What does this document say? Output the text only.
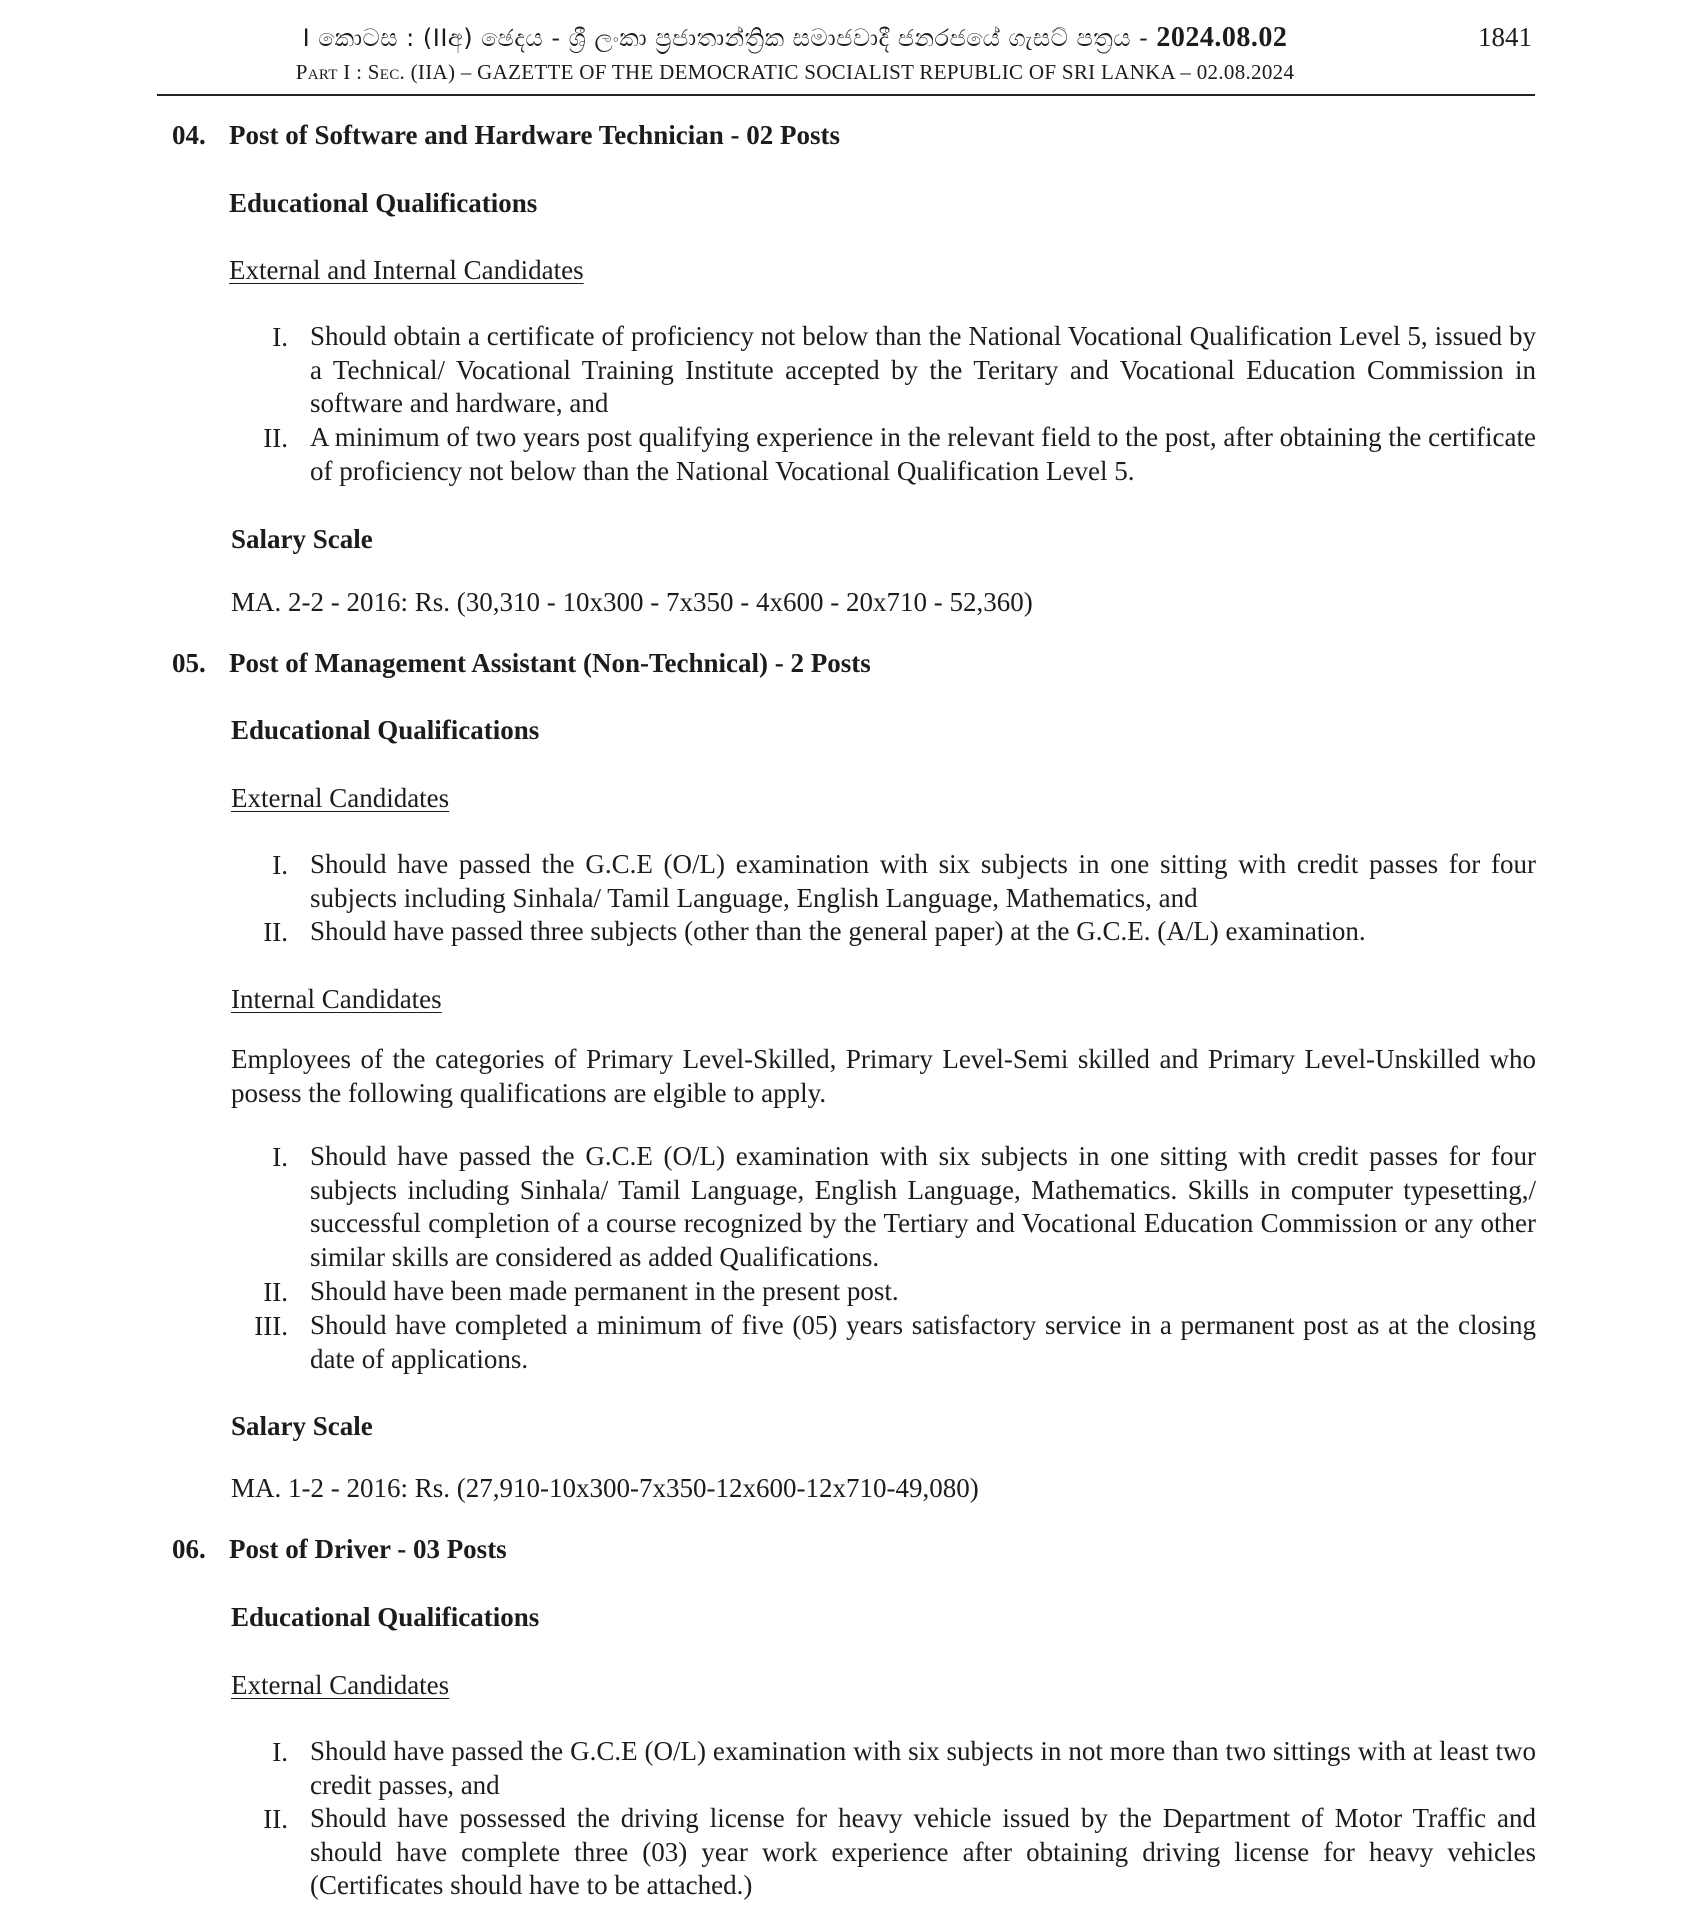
I කොටස : (IIඅ) ඡෙදය - ශ්‍රී ලංකා ප්‍රජාතාන්ත්‍රික සමාජවාදී ජනරජයේ ගැසට් පත්‍රය - 2024.08.02	1841
Part I : Sec. (IIA) – GAZETTE OF THE DEMOCRATIC SOCIALIST REPUBLIC OF SRI LANKA – 02.08.2024
04. Post of Software and Hardware Technician - 02 Posts
Educational Qualifications
External and Internal Candidates
I. Should obtain a certificate of proficiency not below than the National Vocational Qualification Level 5, issued by a Technical/ Vocational Training Institute accepted by the Teritary and Vocational Education Commission in software and hardware, and
II. A minimum of two years post qualifying experience in the relevant field to the post, after obtaining the certificate of proficiency not below than the National Vocational Qualification Level 5.
Salary Scale
MA. 2-2 - 2016: Rs. (30,310 - 10x300 - 7x350 - 4x600 - 20x710 - 52,360)
05. Post of Management Assistant (Non-Technical) - 2 Posts
Educational Qualifications
External Candidates
I. Should have passed the G.C.E (O/L) examination with six subjects in one sitting with credit passes for four subjects including Sinhala/ Tamil Language, English Language, Mathematics, and
II. Should have passed three subjects (other than the general paper) at the G.C.E. (A/L) examination.
Internal Candidates
Employees of the categories of Primary Level-Skilled, Primary Level-Semi skilled and Primary Level-Unskilled who posess the following qualifications are elgible to apply.
I. Should have passed the G.C.E (O/L) examination with six subjects in one sitting with credit passes for four subjects including Sinhala/ Tamil Language, English Language, Mathematics. Skills in computer typesetting,/ successful completion of a course recognized by the Tertiary and Vocational Education Commission or any other similar skills are considered as added Qualifications.
II. Should have been made permanent in the present post.
III. Should have completed a minimum of five (05) years satisfactory service in a permanent post as at the closing date of applications.
Salary Scale
MA. 1-2 - 2016: Rs. (27,910-10x300-7x350-12x600-12x710-49,080)
06. Post of Driver - 03 Posts
Educational Qualifications
External Candidates
I. Should have passed the G.C.E (O/L) examination with six subjects in not more than two sittings with at least two credit passes, and
II. Should have possessed the driving license for heavy vehicle issued by the Department of Motor Traffic and should have complete three (03) year work experience after obtaining driving license for heavy vehicles (Certificates should have to be attached.)
